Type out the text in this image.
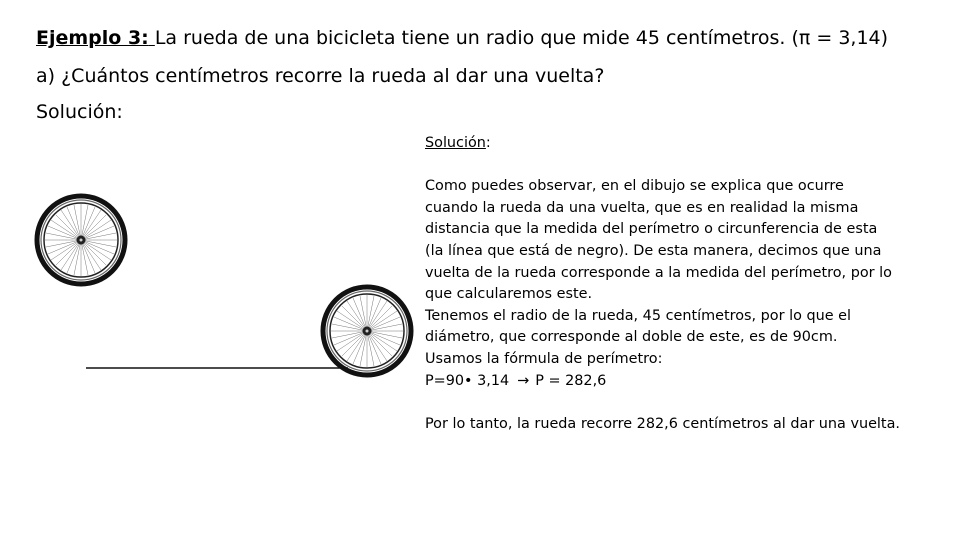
Ejemplo 3: La rueda de una bicicleta tiene un radio que mide 45 centímetros. (π = 3,14)
a) ¿Cuántos centímetros recorre la rueda al dar una vuelta?
Solución:

Solución:

Como puedes observar, en el dibujo se explica que ocurre cuando la rueda da una vuelta, que es en realidad la misma distancia que la medida del perímetro o circunferencia de esta (la línea que está de negro). De esta manera, decimos que una vuelta de la rueda corresponde a la medida del perímetro, por lo que calcularemos este.

Tenemos el radio de la rueda, 45 centímetros, por lo que el diámetro, que corresponde al doble de este, es de 90cm.

Usamos la fórmula de perímetro:

P=90• 3,14 → P = 282,6

Por lo tanto, la rueda recorre 282,6 centímetros al dar una vuelta.
